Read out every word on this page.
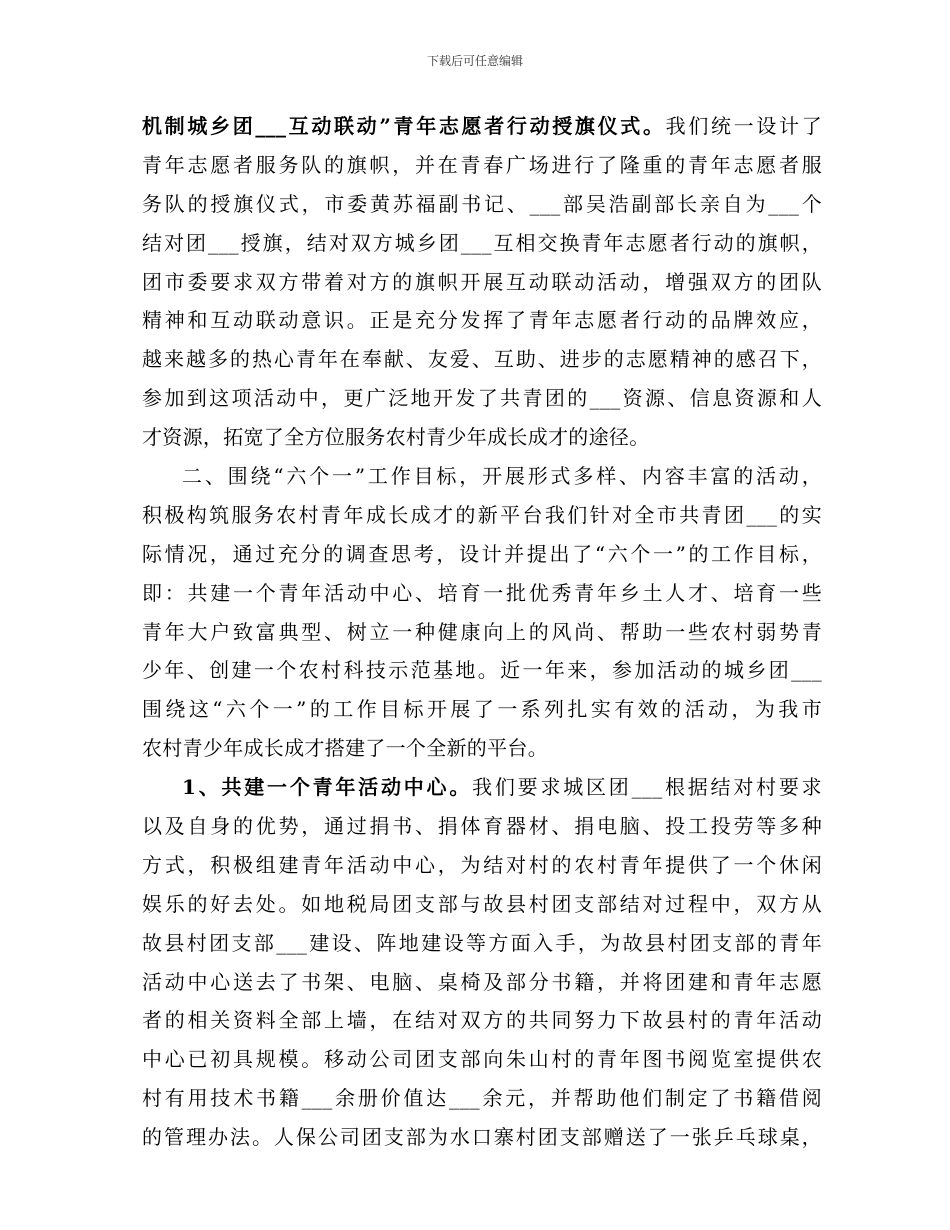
下载后可任意编辑
机制城乡团___互动联动”青年志愿者行动授旗仪式。我们统一设计了
青年志愿者服务队的旗帜，并在青春广场进行了隆重的青年志愿者服
务队的授旗仪式，市委黄苏福副书记、___部吴浩副部长亲自为___个
结对团___授旗，结对双方城乡团___互相交换青年志愿者行动的旗帜，
团市委要求双方带着对方的旗帜开展互动联动活动，增强双方的团队
精神和互动联动意识。正是充分发挥了青年志愿者行动的品牌效应，
越来越多的热心青年在奉献、友爱、互助、进步的志愿精神的感召下，
参加到这项活动中，更广泛地开发了共青团的___资源、信息资源和人
才资源，拓宽了全方位服务农村青少年成长成才的途径。
二、围绕“六个一”工作目标，开展形式多样、内容丰富的活动，
积极构筑服务农村青年成长成才的新平台我们针对全市共青团___的实
际情况，通过充分的调查思考，设计并提出了“六个一”的工作目标，
即：共建一个青年活动中心、培育一批优秀青年乡土人才、培育一些
青年大户致富典型、树立一种健康向上的风尚、帮助一些农村弱势青
少年、创建一个农村科技示范基地。近一年来，参加活动的城乡团___
围绕这“六个一”的工作目标开展了一系列扎实有效的活动，为我市
农村青少年成长成才搭建了一个全新的平台。
1、共建一个青年活动中心。我们要求城区团___根据结对村要求
以及自身的优势，通过捐书、捐体育器材、捐电脑、投工投劳等多种
方式，积极组建青年活动中心，为结对村的农村青年提供了一个休闲
娱乐的好去处。如地税局团支部与故县村团支部结对过程中，双方从
故县村团支部___建设、阵地建设等方面入手，为故县村团支部的青年
活动中心送去了书架、电脑、桌椅及部分书籍，并将团建和青年志愿
者的相关资料全部上墙，在结对双方的共同努力下故县村的青年活动
中心已初具规模。移动公司团支部向朱山村的青年图书阅览室提供农
村有用技术书籍___余册价值达___余元，并帮助他们制定了书籍借阅
的管理办法。人保公司团支部为水口寨村团支部赠送了一张乒乓球桌，
